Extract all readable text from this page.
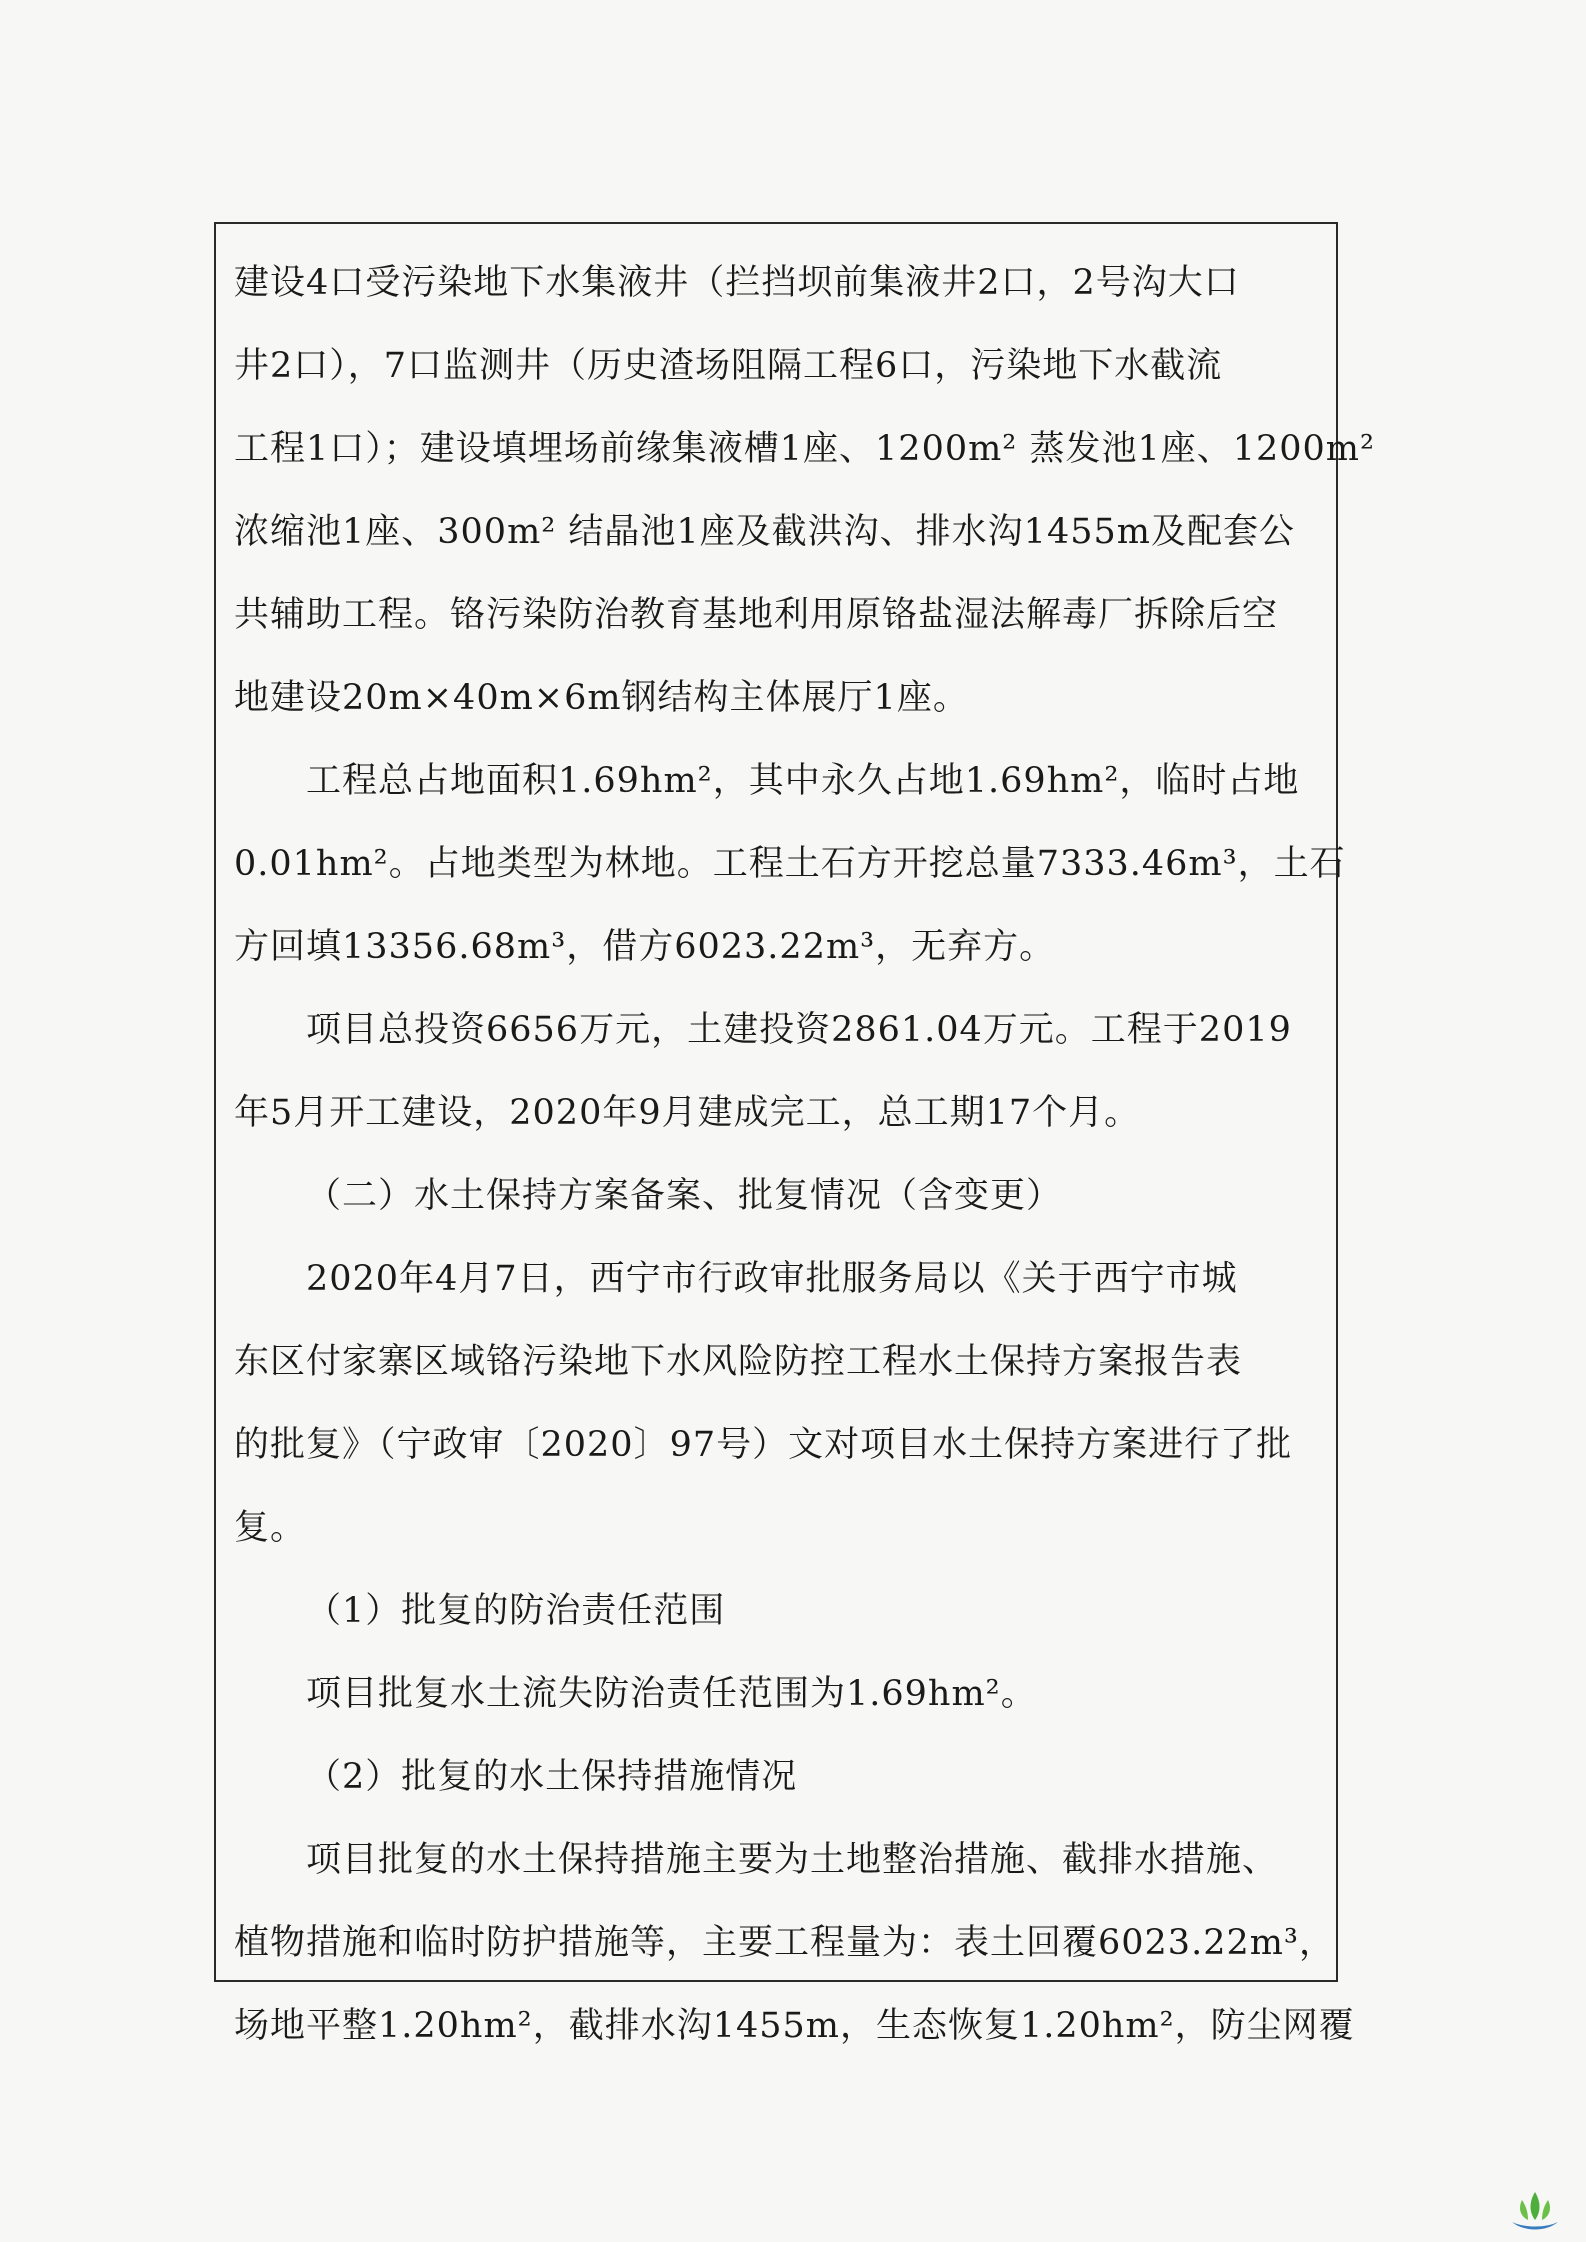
建设4口受污染地下水集液井（拦挡坝前集液井2口，2号沟大口
井2口），7口监测井（历史渣场阻隔工程6口，污染地下水截流
工程1口）；建设填埋场前缘集液槽1座、1200m² 蒸发池1座、1200m²
浓缩池1座、300m² 结晶池1座及截洪沟、排水沟1455m及配套公
共辅助工程。铬污染防治教育基地利用原铬盐湿法解毒厂拆除后空
地建设20m×40m×6m钢结构主体展厅1座。
工程总占地面积1.69hm²，其中永久占地1.69hm²，临时占地
0.01hm²。占地类型为林地。工程土石方开挖总量7333.46m³，土石
方回填13356.68m³，借方6023.22m³，无弃方。
项目总投资6656万元，土建投资2861.04万元。工程于2019
年5月开工建设，2020年9月建成完工，总工期17个月。
（二）水土保持方案备案、批复情况（含变更）
2020年4月7日，西宁市行政审批服务局以《关于西宁市城
东区付家寨区域铬污染地下水风险防控工程水土保持方案报告表
的批复》（宁政审〔2020〕97号）文对项目水土保持方案进行了批
复。
（1）批复的防治责任范围
项目批复水土流失防治责任范围为1.69hm²。
（2）批复的水土保持措施情况
项目批复的水土保持措施主要为土地整治措施、截排水措施、
植物措施和临时防护措施等，主要工程量为：表土回覆6023.22m³，
场地平整1.20hm²，截排水沟1455m，生态恢复1.20hm²，防尘网覆
